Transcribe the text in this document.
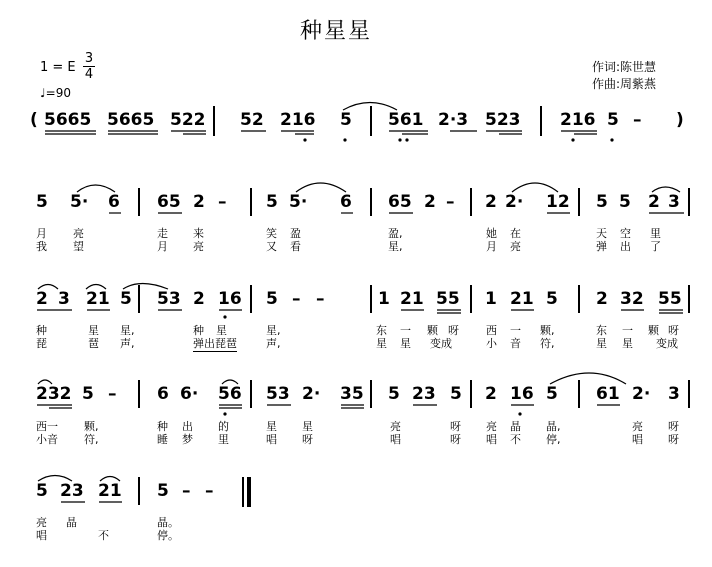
种星星
1 = E
3
4
♩=90
作词:陈世慧
作曲:周紫燕
( 5665 5665 522 52 216 5 561 2·3 523 216 5 – )
5 5· 6 65 2 – 5 5· 6 65 2 – 2 2· 12 5 5 2 3
月 亮	走 来	笑 盈	盈,	她 在	天 空 里
我 望	月 亮	又 看	星,	月 亮	弹 出 了
2 3 21 5 53 2 16 5 – –	1 21 55 1 21 5 2 32 55
种	星 星,	种 星	星,	东 一 颗 呀 西 一 颗,	东 一 颗 呀
琵	琶 声,	弹出琵琶	声,	星 星 变成	小 音 符,	星 星 变成
232 5 – 6 6· 56 53 2· 35 5 23 5 2 16 5 61 2· 3
西一 颗,	种 出 的	星 星	亮	呀 亮 晶 晶,	亮 呀
小音 符,	睡 梦 里	唱 呀	唱	呀 唱 不 停,	唱 呀
5 23 21 5 – –
亮 晶	晶。
唱	不	停。
